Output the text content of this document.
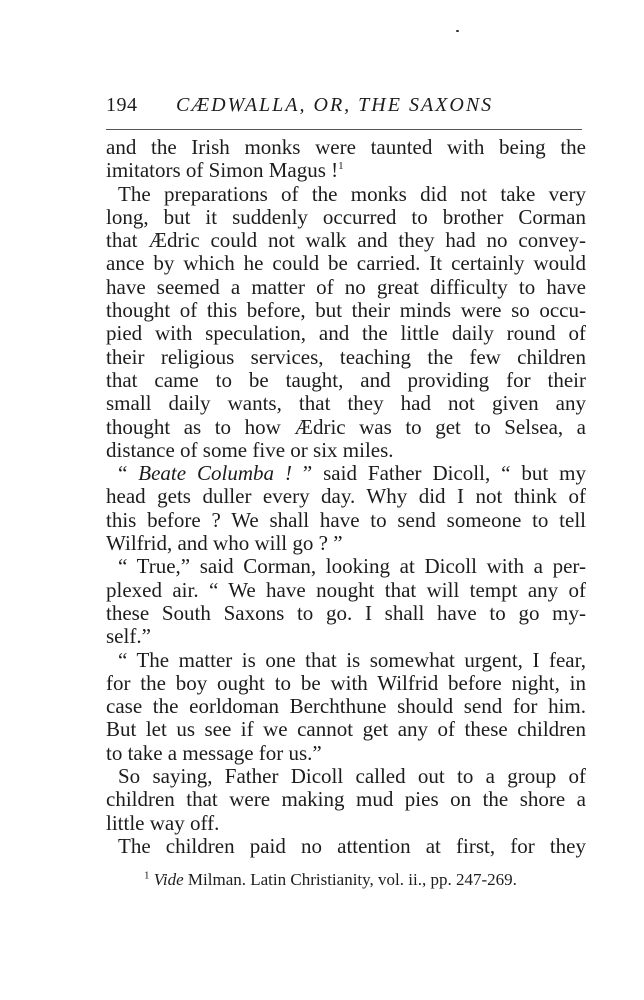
194 CÆDWALLA, OR, THE SAXONS
and the Irish monks were taunted with being the
imitators of Simon Magus !$^1$
The preparations of the monks did not take very
long, but it suddenly occurred to brother Corman
that Ædric could not walk and they had no convey-
ance by which he could be carried. It certainly would
have seemed a matter of no great difficulty to have
thought of this before, but their minds were so occu-
pied with speculation, and the little daily round of
their religious services, teaching the few children
that came to be taught, and providing for their
small daily wants, that they had not given any
thought as to how Ædric was to get to Selsea, a
distance of some five or six miles.
“ Beate Columba ! ” said Father Dicoll, “ but my
head gets duller every day. Why did I not think of
this before ? We shall have to send someone to tell
Wilfrid, and who will go ? ”
“ True,” said Corman, looking at Dicoll with a per-
plexed air. “ We have nought that will tempt any of
these South Saxons to go. I shall have to go my-
self.”
“ The matter is one that is somewhat urgent, I fear,
for the boy ought to be with Wilfrid before night, in
case the eorldoman Berchthune should send for him.
But let us see if we cannot get any of these children
to take a message for us.”
So saying, Father Dicoll called out to a group of
children that were making mud pies on the shore a
little way off.
The children paid no attention at first, for they
$^1$ Vide Milman. Latin Christianity, vol. ii., pp. 247-269.
